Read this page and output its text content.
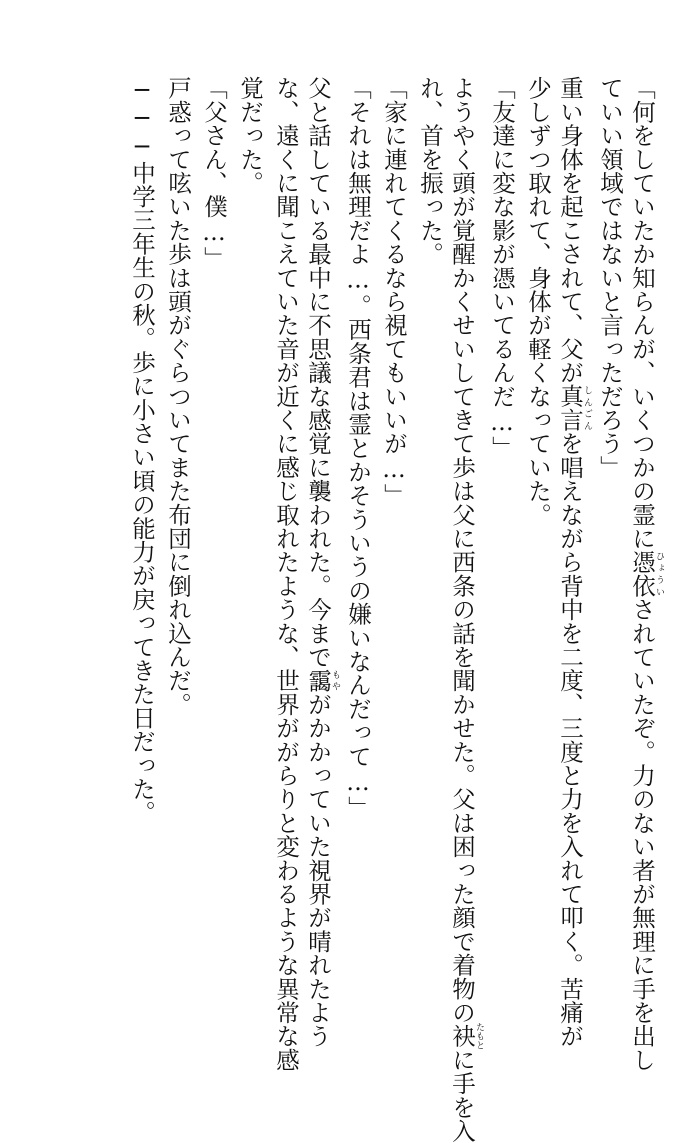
「何をしていたか知らんが、いくつかの霊に憑依ひょういされていたぞ。力のない者が無理に手を出し
ていい領域ではないと言っただろう」
重い身体を起こされて、父が真言しんごんを唱えながら背中を二度、三度と力を入れて叩く。苦痛が
少しずつ取れて、身体が軽くなっていた。
「友達に変な影が憑いてるんだ…」
ようやく頭が覚醒かくせいしてきて歩は父に西条の話を聞かせた。父は困った顔で着物の袂たもとに手を入
れ、首を振った。
「家に連れてくるなら視てもいいが…」
「それは無理だよ…。西条君は霊とかそういうの嫌いなんだって…」
父と話している最中に不思議な感覚に襲われた。今まで靄もやがかかっていた視界が晴れたよう
な、遠くに聞こえていた音が近くに感じ取れたような、世界ががらりと変わるような異常な感
覚だった。
「父さん、僕…」
戸惑って呟いた歩は頭がぐらついてまた布団に倒れ込んだ。
───中学三年生の秋。歩に小さい頃の能力が戻ってきた日だった。
